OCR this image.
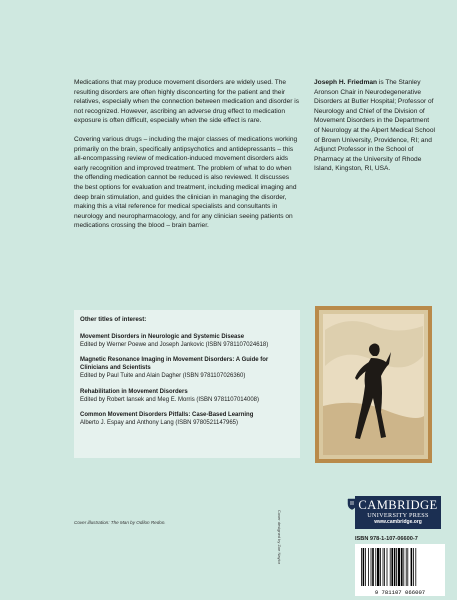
Medications that may produce movement disorders are widely used. The resulting disorders are often highly disconcerting for the patient and their relatives, especially when the connection between medication and disorder is not recognized. However, ascribing an adverse drug effect to medication exposure is often difficult, especially when the side effect is rare.

Covering various drugs – including the major classes of medications working primarily on the brain, specifically antipsychotics and antidepressants – this all-encompassing review of medication-induced movement disorders aids early recognition and improved treatment. The problem of what to do when the offending medication cannot be reduced is also reviewed. It discusses the best options for evaluation and treatment, including medical imaging and deep brain stimulation, and guides the clinician in managing the disorder, making this a vital reference for medical specialists and consultants in neurology and neuropharmacology, and for any clinician seeing patients on medications crossing the blood – brain barrier.

Joseph H. Friedman is The Stanley Aronson Chair in Neurodegenerative Disorders at Butler Hospital; Professor of Neurology and Chief of the Division of Movement Disorders in the Department of Neurology at the Alpert Medical School of Brown University, Providence, RI; and Adjunct Professor in the School of Pharmacy at the University of Rhode Island, Kingston, RI, USA.
Other titles of interest:
Movement Disorders in Neurologic and Systemic Disease
Edited by Werner Poewe and Joseph Jankovic (ISBN 9781107024618)
Magnetic Resonance Imaging in Movement Disorders: A Guide for Clinicians and Scientists
Edited by Paul Tuite and Alain Dagher (ISBN 9781107026360)
Rehabilitation in Movement Disorders
Edited by Robert Iansek and Meg E. Morris (ISBN 9781107014008)
Common Movement Disorders Pitfalls: Case-Based Learning
Alberto J. Espay and Anthony Lang (ISBN 9780521147965)
Cover illustration: The Man by Odilon Redon.	Cover designed by Zoe Naylor
CAMBRIDGE
UNIVERSITY PRESS
www.cambridge.org
ISBN 978-1-107-06600-7
9 781107 066007
